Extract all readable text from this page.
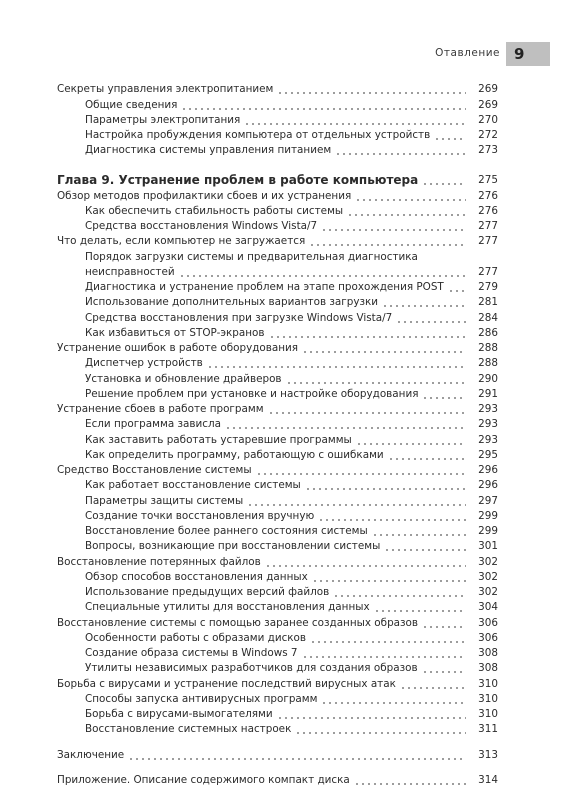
Отавление 9
Секреты управления электропитанием	269
Общие сведения	269
Параметры электропитания	270
Настройка пробуждения компьютера от отдельных устройств	272
Диагностика системы управления питанием	273
Глава 9. Устранение проблем в работе компьютера	275
Обзор методов профилактики сбоев и их устранения	276
Как обеспечить стабильность работы системы	276
Средства восстановления Windows Vista/7	277
Что делать, если компьютер не загружается	277
Порядок загрузки системы и предварительная диагностика
неисправностей	277
Диагностика и устранение проблем на этапе прохождения POST	279
Использование дополнительных вариантов загрузки	281
Средства восстановления при загрузке Windows Vista/7	284
Как избавиться от STOP-экранов	286
Устранение ошибок в работе оборудования	288
Диспетчер устройств	288
Установка и обновление драйверов	290
Решение проблем при установке и настройке оборудования	291
Устранение сбоев в работе программ	293
Если программа зависла	293
Как заставить работать устаревшие программы	293
Как определить программу, работающую с ошибками	295
Средство Восстановление системы	296
Как работает восстановление системы	296
Параметры защиты системы	297
Создание точки восстановления вручную	299
Восстановление более раннего состояния системы	299
Вопросы, возникающие при восстановлении системы	301
Восстановление потерянных файлов	302
Обзор способов восстановления данных	302
Использование предыдущих версий файлов	302
Специальные утилиты для восстановления данных	304
Восстановление системы с помощью заранее созданных образов	306
Особенности работы с образами дисков	306
Создание образа системы в Windows 7	308
Утилиты независимых разработчиков для создания образов	308
Борьба с вирусами и устранение последствий вирусных атак	310
Способы запуска антивирусных программ	310
Борьба с вирусами-вымогателями	310
Восстановление системных настроек	311
Заключение	313
Приложение. Описание содержимого компакт диска	314
